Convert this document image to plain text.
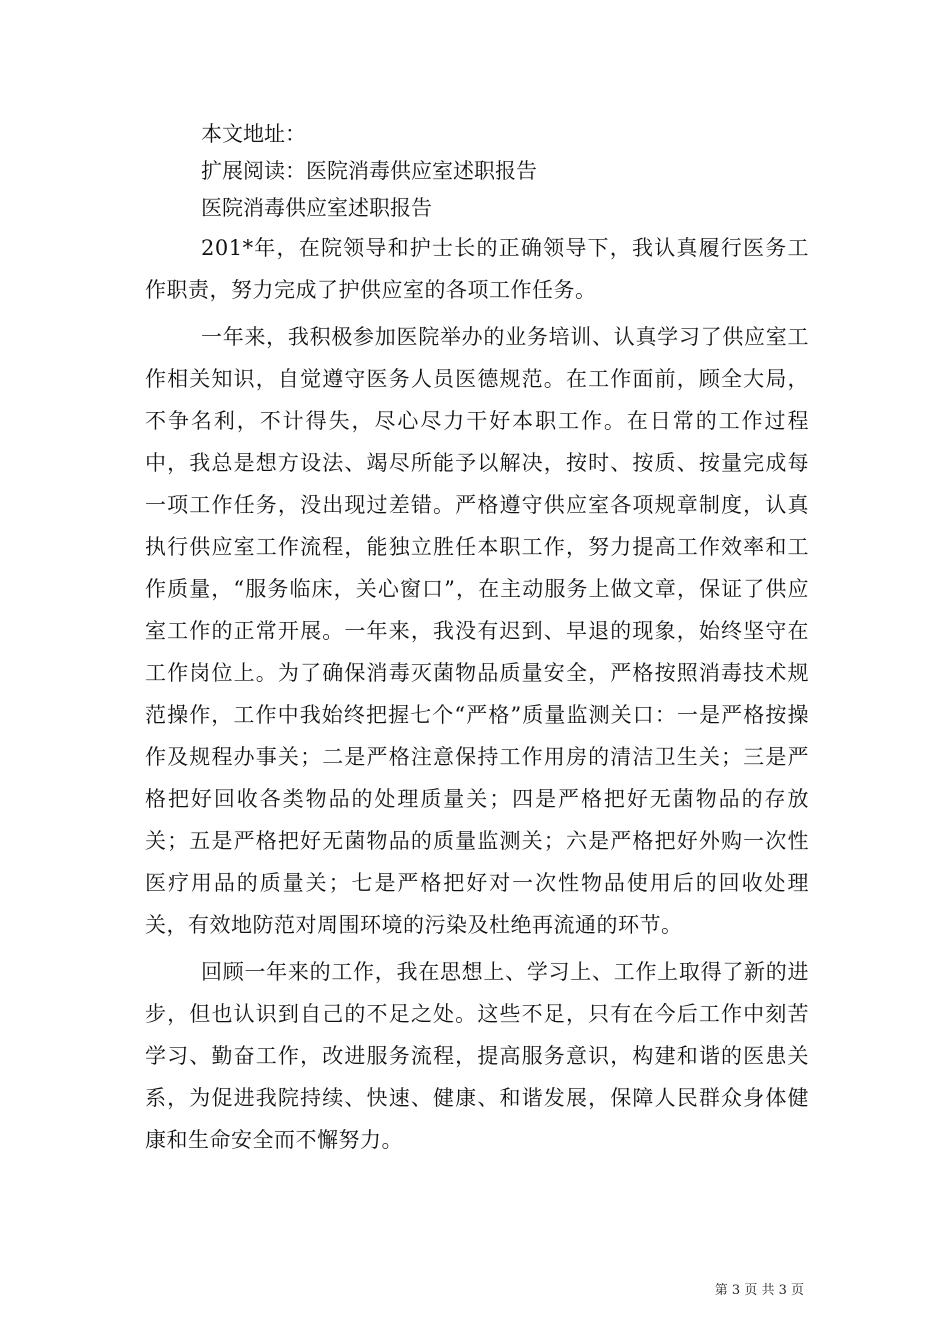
本文地址：

扩展阅读：医院消毒供应室述职报告

医院消毒供应室述职报告

201*年，在院领导和护士长的正确领导下，我认真履行医务工作职责，努力完成了护供应室的各项工作任务。

一年来，我积极参加医院举办的业务培训、认真学习了供应室工作相关知识，自觉遵守医务人员医德规范。在工作面前，顾全大局，不争名利，不计得失，尽心尽力干好本职工作。在日常的工作过程中，我总是想方设法、竭尽所能予以解决，按时、按质、按量完成每一项工作任务，没出现过差错。严格遵守供应室各项规章制度，认真执行供应室工作流程，能独立胜任本职工作，努力提高工作效率和工作质量，“服务临床，关心窗口”，在主动服务上做文章，保证了供应室工作的正常开展。一年来，我没有迟到、早退的现象，始终坚守在工作岗位上。为了确保消毒灭菌物品质量安全，严格按照消毒技术规范操作，工作中我始终把握七个“严格”质量监测关口：一是严格按操作及规程办事关；二是严格注意保持工作用房的清洁卫生关；三是严格把好回收各类物品的处理质量关；四是严格把好无菌物品的存放关；五是严格把好无菌物品的质量监测关；六是严格把好外购一次性医疗用品的质量关；七是严格把好对一次性物品使用后的回收处理关，有效地防范对周围环境的污染及杜绝再流通的环节。

回顾一年来的工作，我在思想上、学习上、工作上取得了新的进步，但也认识到自己的不足之处。这些不足，只有在今后工作中刻苦学习、勤奋工作，改进服务流程，提高服务意识，构建和谐的医患关系，为促进我院持续、快速、健康、和谐发展，保障人民群众身体健康和生命安全而不懈努力。

第 3 页 共 3 页
